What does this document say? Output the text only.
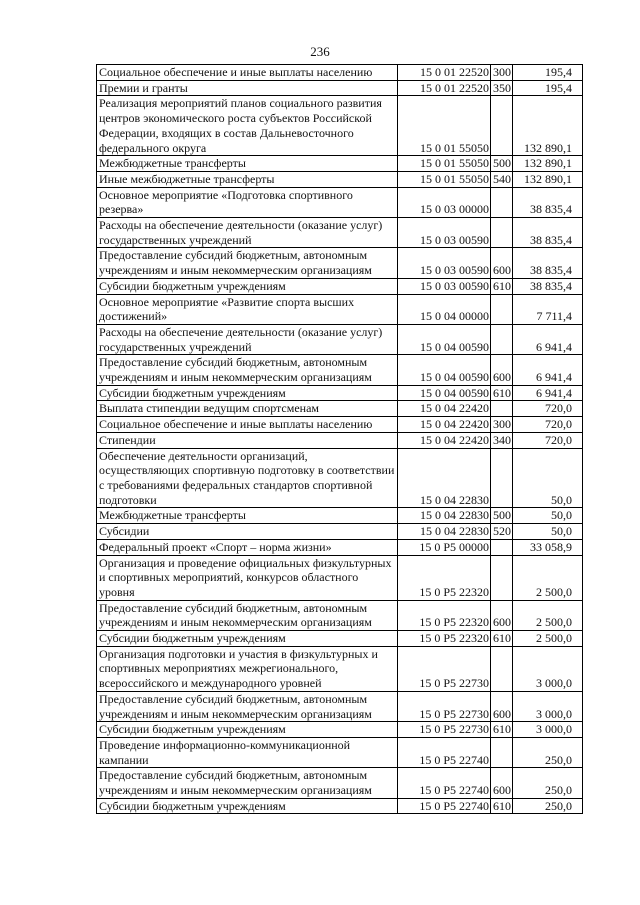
236
Социальное обеспечение и иные выплаты населению	15 0 01 22520	300	195,4
Премии и гранты	15 0 01 22520	350	195,4
Реализация мероприятий планов социального развития центров экономического роста субъектов Российской Федерации, входящих в состав Дальневосточного федерального округа	15 0 01 55050		132 890,1
Межбюджетные трансферты	15 0 01 55050	500	132 890,1
Иные межбюджетные трансферты	15 0 01 55050	540	132 890,1
Основное мероприятие «Подготовка спортивного резерва»	15 0 03 00000		38 835,4
Расходы на обеспечение деятельности (оказание услуг) государственных учреждений	15 0 03 00590		38 835,4
Предоставление субсидий бюджетным, автономным учреждениям и иным некоммерческим организациям	15 0 03 00590	600	38 835,4
Субсидии бюджетным учреждениям	15 0 03 00590	610	38 835,4
Основное мероприятие «Развитие спорта высших достижений»	15 0 04 00000		7 711,4
Расходы на обеспечение деятельности (оказание услуг) государственных учреждений	15 0 04 00590		6 941,4
Предоставление субсидий бюджетным, автономным учреждениям и иным некоммерческим организациям	15 0 04 00590	600	6 941,4
Субсидии бюджетным учреждениям	15 0 04 00590	610	6 941,4
Выплата стипендии ведущим спортсменам	15 0 04 22420		720,0
Социальное обеспечение и иные выплаты населению	15 0 04 22420	300	720,0
Стипендии	15 0 04 22420	340	720,0
Обеспечение деятельности организаций, осуществляющих спортивную подготовку в соответствии с требованиями федеральных стандартов спортивной подготовки	15 0 04 22830		50,0
Межбюджетные трансферты	15 0 04 22830	500	50,0
Субсидии	15 0 04 22830	520	50,0
Федеральный проект «Спорт – норма жизни»	15 0 P5 00000		33 058,9
Организация и проведение официальных физкультурных и спортивных мероприятий, конкурсов областного уровня	15 0 P5 22320		2 500,0
Предоставление субсидий бюджетным, автономным учреждениям и иным некоммерческим организациям	15 0 P5 22320	600	2 500,0
Субсидии бюджетным учреждениям	15 0 P5 22320	610	2 500,0
Организация подготовки и участия в физкультурных и спортивных мероприятиях межрегионального, всероссийского и международного уровней	15 0 P5 22730		3 000,0
Предоставление субсидий бюджетным, автономным учреждениям и иным некоммерческим организациям	15 0 P5 22730	600	3 000,0
Субсидии бюджетным учреждениям	15 0 P5 22730	610	3 000,0
Проведение информационно-коммуникационной кампании	15 0 P5 22740		250,0
Предоставление субсидий бюджетным, автономным учреждениям и иным некоммерческим организациям	15 0 P5 22740	600	250,0
Субсидии бюджетным учреждениям	15 0 P5 22740	610	250,0
